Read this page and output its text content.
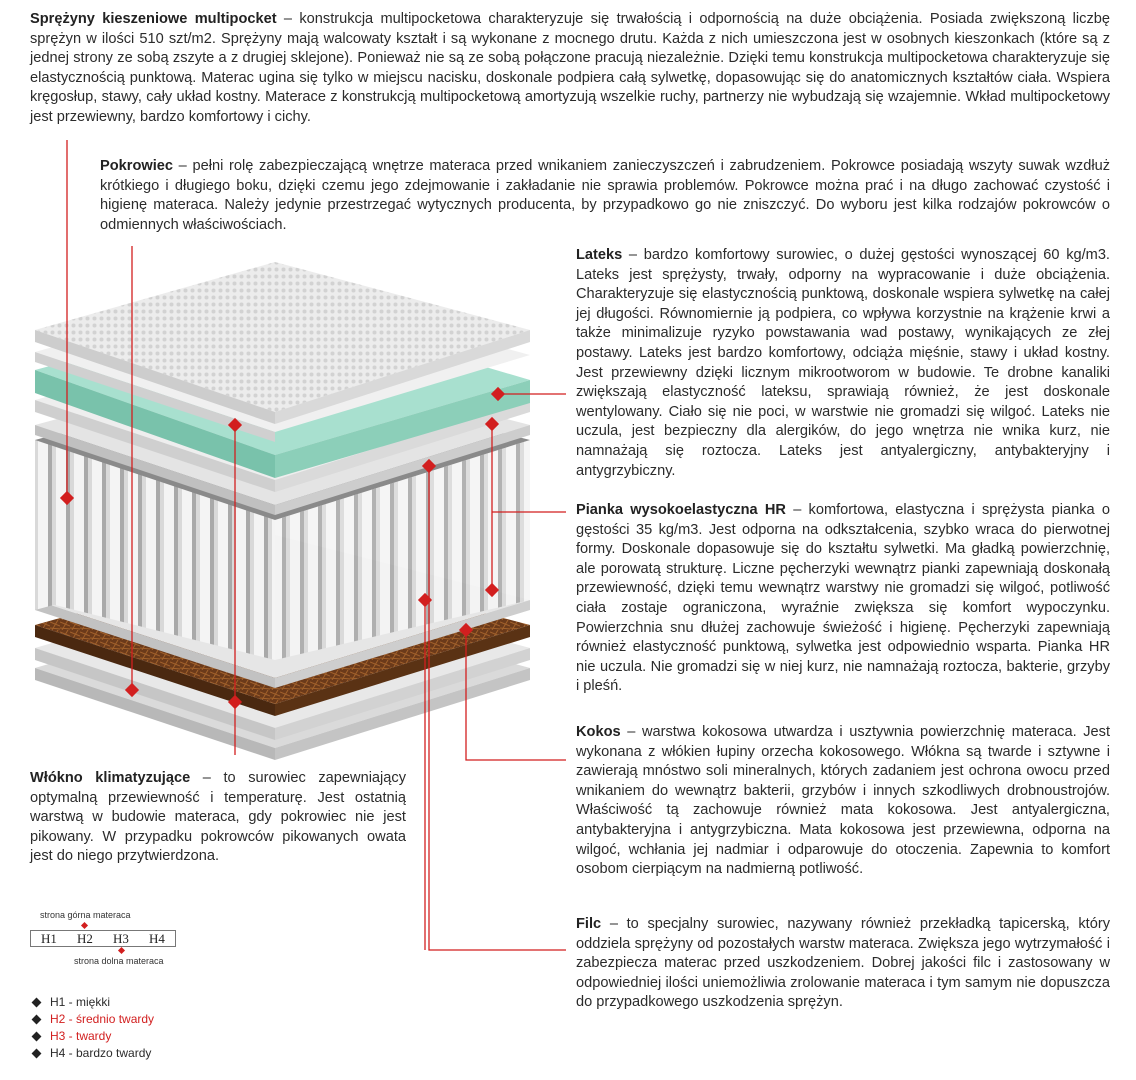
Sprężyny kieszeniowe multipocket – konstrukcja multipocketowa charakteryzuje się trwałością i odpornością na duże obciążenia. Posiada zwiększoną liczbę sprężyn w ilości 510 szt/m2. Sprężyny mają walcowaty kształt i są wykonane z mocnego drutu. Każda z nich umieszczona jest w osobnych kieszonkach (które są z jednej strony ze sobą zszyte a z drugiej sklejone). Ponieważ nie są ze sobą połączone pracują niezależnie. Dzięki temu konstrukcja multipocketowa charakteryzuje się elastycznością punktową. Materac ugina się tylko w miejscu nacisku, doskonale podpiera całą sylwetkę, dopasowując się do anatomicznych kształtów ciała. Wspiera kręgosłup, stawy, cały układ kostny. Materace z konstrukcją multipocketową amortyzują wszelkie ruchy, partnerzy nie wybudzają się wzajemnie. Wkład multipocketowy jest przewiewny, bardzo komfortowy i cichy.
Pokrowiec – pełni rolę zabezpieczającą wnętrze materaca przed wnikaniem zanieczyszczeń i zabrudzeniem. Pokrowce posiadają wszyty suwak wzdłuż krótkiego i długiego boku, dzięki czemu jego zdejmowanie i zakładanie nie sprawia problemów. Pokrowce można prać i na długo zachować czystość i higienę materaca. Należy jedynie przestrzegać wytycznych producenta, by przypadkowo go nie zniszczyć. Do wyboru jest kilka rodzajów pokrowców o odmiennych właściwościach.
Lateks – bardzo komfortowy surowiec, o dużej gęstości wynoszącej 60 kg/m3. Lateks jest sprężysty, trwały, odporny na wypracowanie i duże obciążenia. Charakteryzuje się elastycznością punktową, doskonale wspiera sylwetkę na całej jej długości. Równomiernie ją podpiera, co wpływa korzystnie na krążenie krwi a także minimalizuje ryzyko powstawania wad postawy, wynikających ze złej postawy. Lateks jest bardzo komfortowy, odciąża mięśnie, stawy i układ kostny. Jest przewiewny dzięki licznym mikrootworom w budowie. Te drobne kanaliki zwiększają elastyczność lateksu, sprawiają również, że jest doskonale wentylowany. Ciało się nie poci, w warstwie nie gromadzi się wilgoć. Lateks nie uczula, jest bezpieczny dla alergików, do jego wnętrza nie wnika kurz, nie namnażają się roztocza. Lateks jest antyalergiczny, antybakteryjny i antygrzybiczny.
Pianka wysokoelastyczna HR – komfortowa, elastyczna i sprężysta pianka o gęstości 35 kg/m3. Jest odporna na odkształcenia, szybko wraca do pierwotnej formy. Doskonale dopasowuje się do kształtu sylwetki. Ma gładką powierzchnię, ale porowatą strukturę. Liczne pęcherzyki wewnątrz pianki zapewniają doskonałą przewiewność, dzięki temu wewnątrz warstwy nie gromadzi się wilgoć, potliwość ciała zostaje ograniczona, wyraźnie zwiększa się komfort wypoczynku. Powierzchnia snu dłużej zachowuje świeżość i higienę. Pęcherzyki zapewniają również elastyczność punktową, sylwetka jest odpowiednio wsparta. Pianka HR nie uczula. Nie gromadzi się w niej kurz, nie namnażają roztocza, bakterie, grzyby i pleśń.
Kokos – warstwa kokosowa utwardza i usztywnia powierzchnię materaca. Jest wykonana z włókien łupiny orzecha kokosowego. Włókna są twarde i sztywne i zawierają mnóstwo soli mineralnych, których zadaniem jest ochrona owocu przed wnikaniem do wewnątrz bakterii, grzybów i innych szkodliwych drobnoustrojów. Właściwość tą zachowuje również mata kokosowa. Jest antyalergiczna, antybakteryjna i antygrzybiczna. Mata kokosowa jest przewiewna, odporna na wilgoć, wchłania jej nadmiar i odparowuje do otoczenia. Zapewnia to komfort osobom cierpiącym na nadmierną potliwość.
Filc – to specjalny surowiec, nazywany również przekładką tapicerską, który oddziela sprężyny od pozostałych warstw materaca. Zwiększa jego wytrzymałość i zabezpiecza materac przed uszkodzeniem. Dobrej jakości filc i zastosowany w odpowiedniej ilości uniemożliwia zrolowanie materaca i tym samym nie dopuszcza do przypadkowego uszkodzenia sprężyn.
Włókno klimatyzujące – to surowiec zapewniający optymalną przewiewność i temperaturę. Jest ostatnią warstwą w budowie materaca, gdy pokrowiec nie jest pikowany. W przypadku pokrowców pikowanych owata jest do niego przytwierdzona.
strona górna materaca
H1	H2	H3	H4
strona dolna materaca
H1 - miękki
H2 - średnio twardy
H3 - twardy
H4 - bardzo twardy
